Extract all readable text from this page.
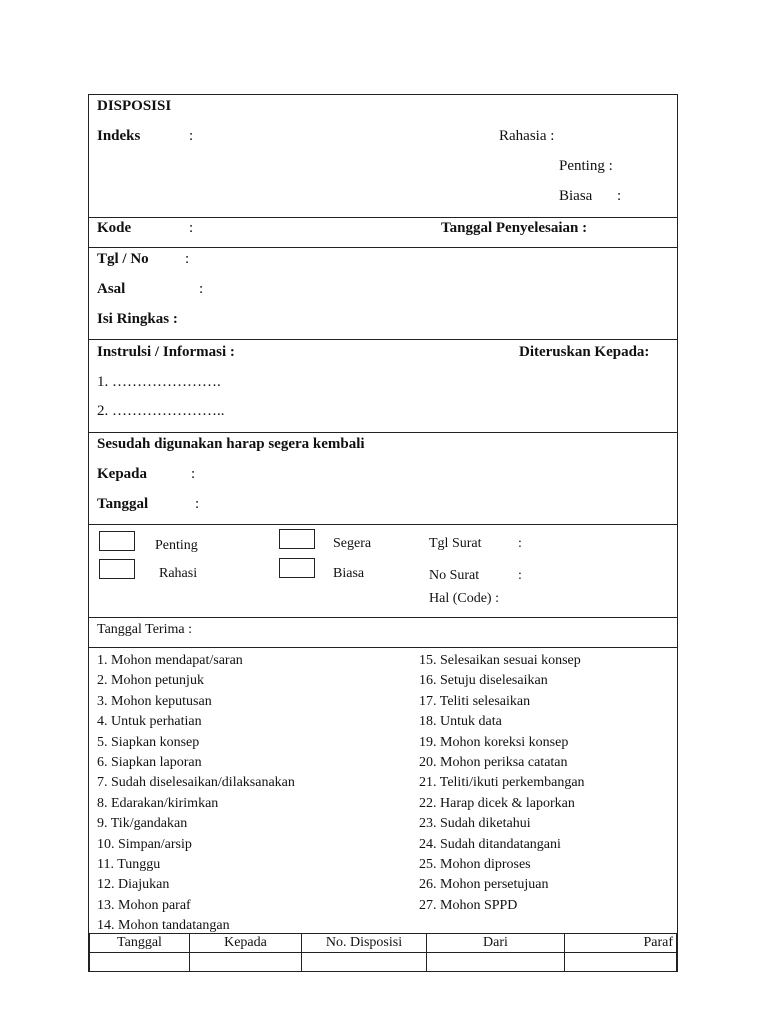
DISPOSISI
Indeks	:	Rahasia :
Penting :
Biasa :
Kode	:	Tanggal Penyelesaian :
Tgl / No :
Asal	:
Isi Ringkas :
Instrulsi / Informasi :	Diteruskan Kepada:
1. ………………….
2. …………………..
Sesudah digunakan harap segera kembali
Kepada	:
Tanggal	:
Penting	Segera	Tgl Surat	:
Rahasi	Biasa	No Surat	:
Hal (Code) :
Tanggal Terima :
1. Mohon mendapat/saran
2. Mohon petunjuk
3. Mohon keputusan
4. Untuk perhatian
5. Siapkan konsep
6. Siapkan laporan
7. Sudah diselesaikan/dilaksanakan
8. Edarakan/kirimkan
9. Tik/gandakan
10. Simpan/arsip
11. Tunggu
12. Diajukan
13. Mohon paraf
14. Mohon tandatangan
15. Selesaikan sesuai konsep
16. Setuju diselesaikan
17. Teliti selesaikan
18. Untuk data
19. Mohon koreksi konsep
20. Mohon periksa catatan
21. Teliti/ikuti perkembangan
22. Harap dicek & laporkan
23. Sudah diketahui
24. Sudah ditandatangani
25. Mohon diproses
26. Mohon persetujuan
27. Mohon SPPD
Tanggal	Kepada	No. Disposisi	Dari	Paraf
